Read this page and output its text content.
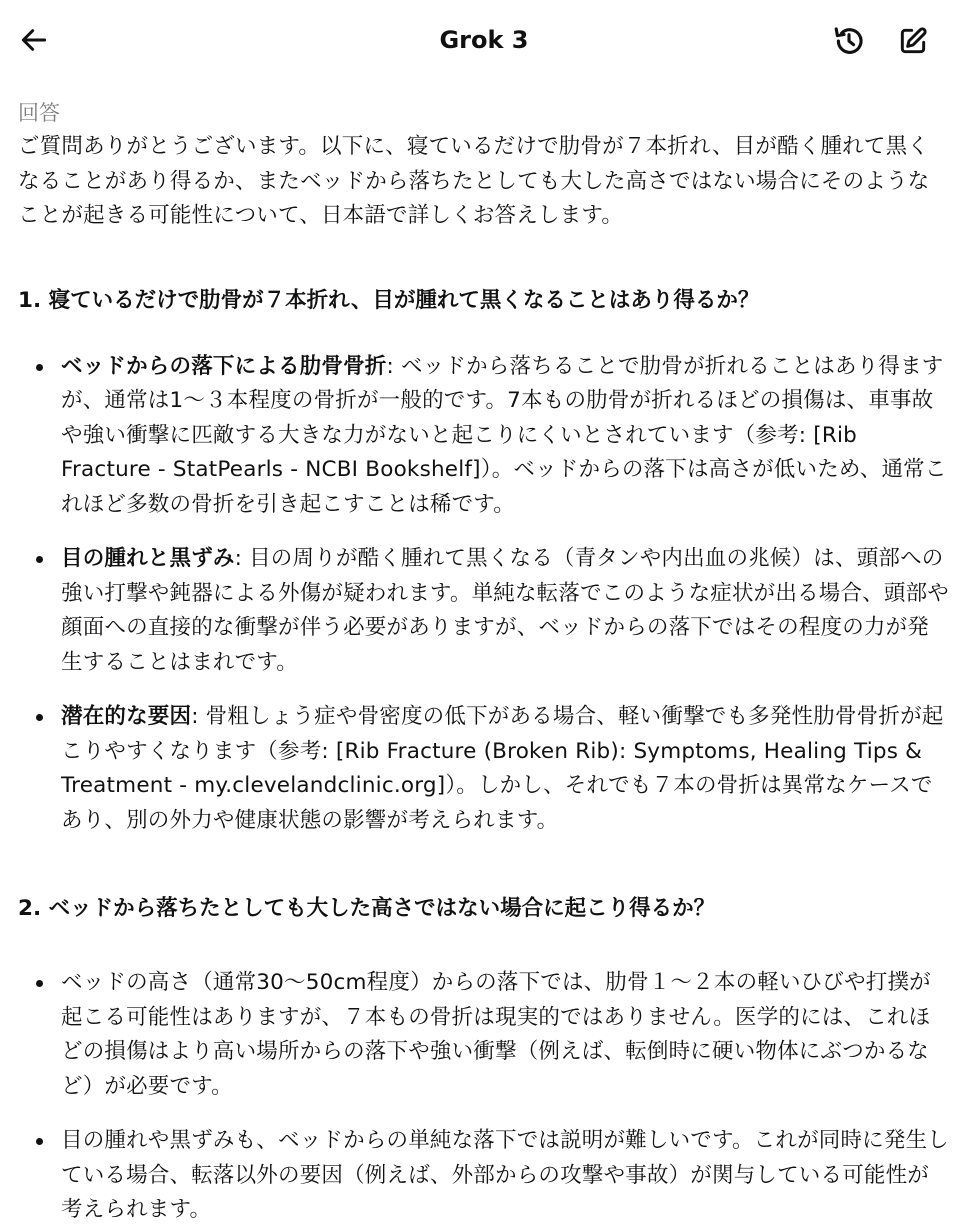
Grok 3

回答

ご質問ありがとうございます。以下に、寝ているだけで肋骨が７本折れ、目が酷く腫れて黒くなることがあり得るか、またベッドから落ちたとしても大した高さではない場合にそのようなことが起きる可能性について、日本語で詳しくお答えします。

1. 寝ているだけで肋骨が７本折れ、目が腫れて黒くなることはあり得るか？

ベッドからの落下による肋骨骨折: ベッドから落ちることで肋骨が折れることはあり得ますが、通常は1〜３本程度の骨折が一般的です。7本もの肋骨が折れるほどの損傷は、車事故や強い衝撃に匹敵する大きな力がないと起こりにくいとされています（参考: [Rib Fracture - StatPearls - NCBI Bookshelf]）。ベッドからの落下は高さが低いため、通常これほど多数の骨折を引き起こすことは稀です。
目の腫れと黒ずみ: 目の周りが酷く腫れて黒くなる（青タンや内出血の兆候）は、頭部への強い打撃や鈍器による外傷が疑われます。単純な転落でこのような症状が出る場合、頭部や顔面への直接的な衝撃が伴う必要がありますが、ベッドからの落下ではその程度の力が発生することはまれです。
潜在的な要因: 骨粗しょう症や骨密度の低下がある場合、軽い衝撃でも多発性肋骨骨折が起こりやすくなります（参考: [Rib Fracture (Broken Rib): Symptoms, Healing Tips & Treatment - my.clevelandclinic.org]）。しかし、それでも７本の骨折は異常なケースであり、別の外力や健康状態の影響が考えられます。

2. ベッドから落ちたとしても大した高さではない場合に起こり得るか？

ベッドの高さ（通常30〜50cm程度）からの落下では、肋骨１〜２本の軽いひびや打撲が起こる可能性はありますが、７本もの骨折は現実的ではありません。医学的には、これほどの損傷はより高い場所からの落下や強い衝撃（例えば、転倒時に硬い物体にぶつかるなど）が必要です。
目の腫れや黒ずみも、ベッドからの単純な落下では説明が難しいです。これが同時に発生している場合、転落以外の要因（例えば、外部からの攻撃や事故）が関与している可能性が考えられます。
